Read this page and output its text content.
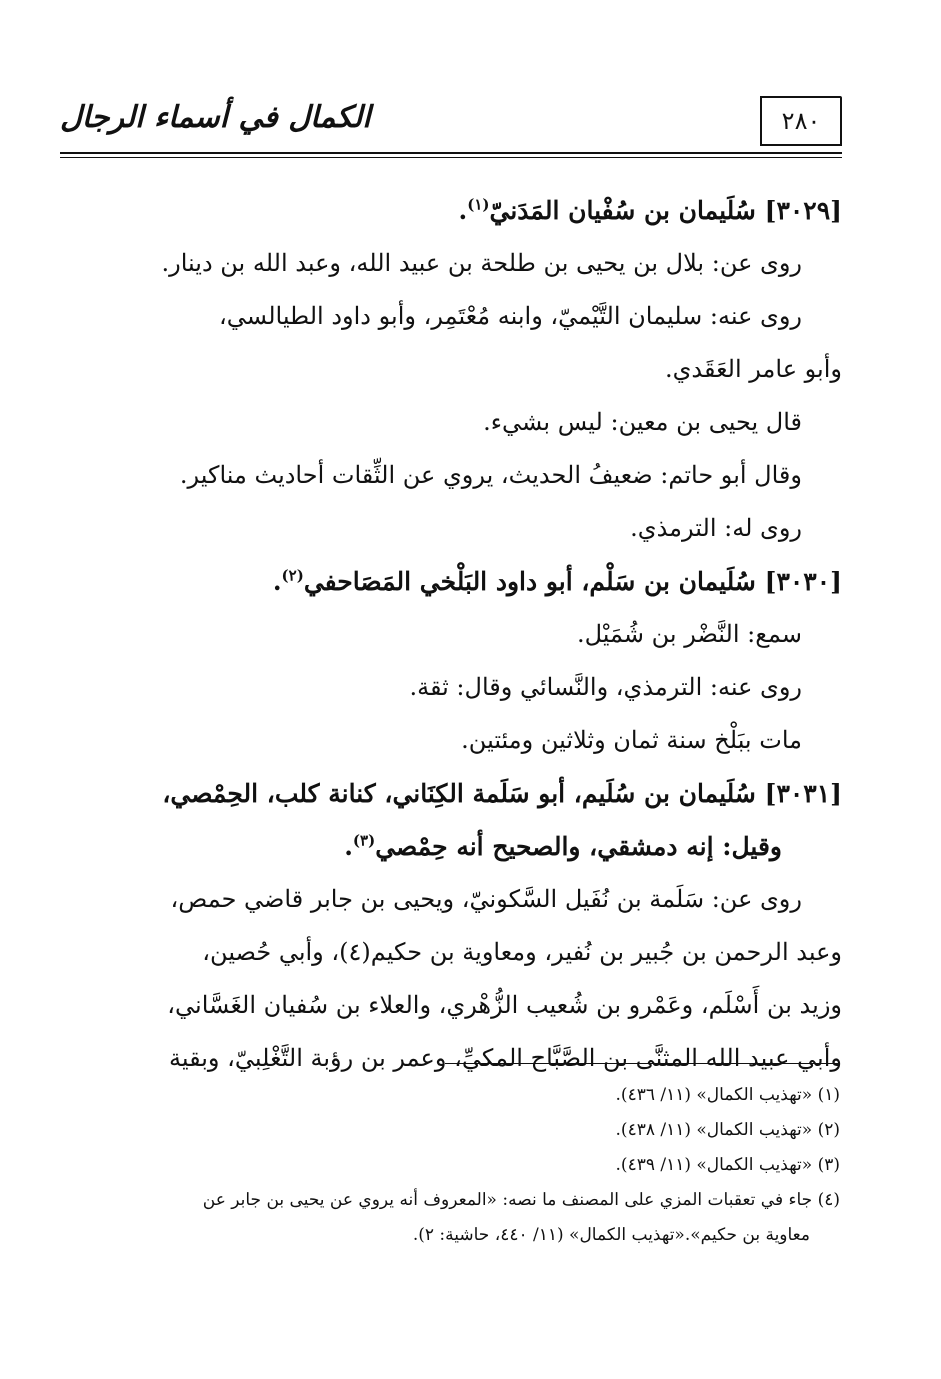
الكمال في أسماء الرجال	٢٨٠
[٣٠٢٩] سُلَيمان بن سُفْيان المَدَنيّ$^{(١)}$.
روى عن: بلال بن يحيى بن طلحة بن عبيد الله، وعبد الله بن دينار.
روى عنه: سليمان التَّيْميّ، وابنه مُعْتَمِر، وأبو داود الطيالسي،
وأبو عامر العَقَدي.
قال يحيى بن معين: ليس بشيء.
وقال أبو حاتم: ضعيفُ الحديث، يروي عن الثِّقات أحاديث مناكير.
روى له: الترمذي.
[٣٠٣٠] سُلَيمان بن سَلْم، أبو داود البَلْخي المَصَاحفي$^{(٢)}$.
سمع: النَّضْر بن شُمَيْل.
روى عنه: الترمذي، والنَّسائي وقال: ثقة.
مات ببَلْخ سنة ثمان وثلاثين ومئتين.
[٣٠٣١] سُلَيمان بن سُلَيم، أبو سَلَمة الكِنَاني، كنانة كلب، الحِمْصي،
وقيل: إنه دمشقي، والصحيح أنه حِمْصي$^{(٣)}$.
روى عن: سَلَمة بن نُفَيل السَّكونيّ، ويحيى بن جابر قاضي حمص،
وعبد الرحمن بن جُبير بن نُفير، ومعاوية بن حكيم(٤)، وأبي حُصين،
وزيد بن أَسْلَم، وعَمْرو بن شُعيب الزُّهْري، والعلاء بن سُفيان الغَسَّاني،
وأبي عبيد الله المثنَّى بن الصَّبَّاح المكيِّ، وعمر بن رؤبة التَّغْلِبيّ، وبقية
(١) «تهذيب الكمال» (١١/ ٤٣٦).
(٢) «تهذيب الكمال» (١١/ ٤٣٨).
(٣) «تهذيب الكمال» (١١/ ٤٣٩).
(٤) جاء في تعقبات المزي على المصنف ما نصه: «المعروف أنه يروي عن يحيى بن جابر عن
معاوية بن حكيم».«تهذيب الكمال» (١١/ ٤٤٠، حاشية: ٢).
